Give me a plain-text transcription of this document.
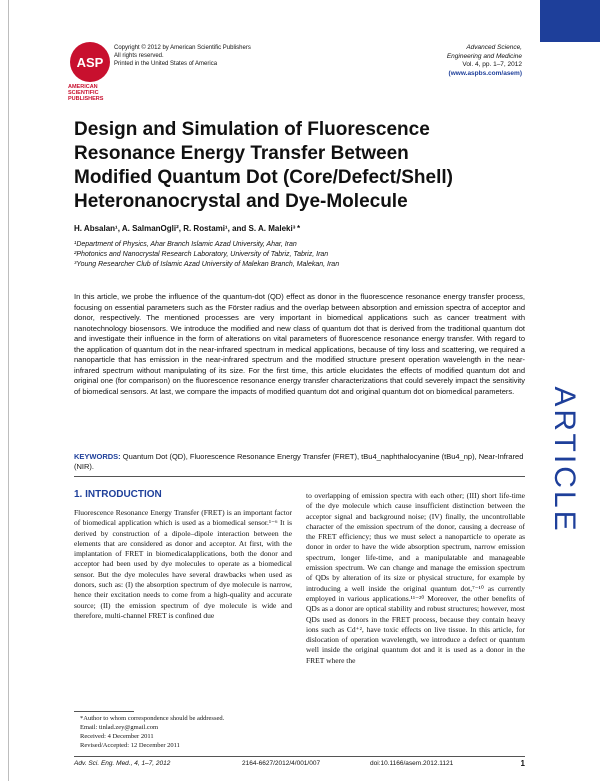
ASP
AMERICAN SCIENTIFIC PUBLISHERS
Copyright © 2012 by American Scientific Publishers
All rights reserved.
Printed in the United States of America
Advanced Science,
Engineering and Medicine
Vol. 4, pp. 1–7, 2012
(www.aspbs.com/asem)
ARTICLE
Design and Simulation of Fluorescence Resonance Energy Transfer Between Modified Quantum Dot (Core/Defect/Shell) Heteronanocrystal and Dye-Molecule
H. Absalan¹, A. SalmanOgli², R. Rostami¹, and S. A. Maleki³ *
¹Department of Physics, Ahar Branch Islamic Azad University, Ahar, Iran
²Photonics and Nanocrystal Research Laboratory, University of Tabriz, Tabriz, Iran
³Young Researcher Club of Islamic Azad University of Malekan Branch, Malekan, Iran
In this article, we probe the influence of the quantum-dot (QD) effect as donor in the fluorescence resonance energy transfer process, focusing on essential parameters such as the Förster radius and the overlap between absorption and emission spectra of acceptor and donor, respectively. The mentioned processes are very important in biomedical applications such as cancer treatment with nanotechnology biosensors. We introduce the modified and new class of quantum dot that is derived from the traditional quantum dot and investigate their influence in the form of alterations on vital parameters of fluorescence resonance energy transfer. With regard to the application of quantum dot in the near-infrared spectrum in medical applications, because of tiny loss and scattering, we required a nanoparticle that has emission in the near-infrared spectrum and the modified structure present operation wavelength in the near-infrared spectrum without manipulating of its size. For the first time, this article elucidates the effects of modified quantum dot and original one (for comparison) on the fluorescence resonance energy transfer characterizations that could severely impact the sensitivity of biomedical sensors. At last, we compare the impacts of modified quantum dot and original quantum dot on biomedical parameters.
KEYWORDS: Quantum Dot (QD), Fluorescence Resonance Energy Transfer (FRET), tBu4_naphthalocyanine (tBu4_np), Near-Infrared (NIR).
1. INTRODUCTION

Fluorescence Resonance Energy Transfer (FRET) is an important factor of biomedical application which is used as a biomedical sensor.¹⁻⁶ It is derived by construction of a dipole–dipole interaction between the elements that are considered as donor and acceptor. At first, with the implantation of FRET in biomedicalapplications, both the donor and acceptor had been used by dye molecules to operate as a biomedical sensor. But the dye molecules have several drawbacks when used as donors, such as: (I) the absorption spectrum of dye molecule is narrow, hence their excitation needs to come from a high-quality and accurate source; (II) the emission spectrum of dye molecule is wide and therefore, multi-channel FRET is confined due

to overlapping of emission spectra with each other; (III) short life-time of the dye molecule which cause insufficient distinction between the acceptor signal and background noise; (IV) finally, the uncontrollable character of the emission spectrum of the donor, causing a decrease of the FRET efficiency; thus we must select a nanoparticle to operate as donor in order to have the wide absorption spectrum, narrow emission spectrum, longer life-time, and a manipulatable and manageable emission spectrum. We can change and manage the emission spectrum of QDs by alteration of its size or physical structure, for example by introducing a well inside the original quantum dot,⁷⁻¹⁰ as currently employed in various applications.¹¹⁻²⁰ Moreover, the other benefits of QDs as a donor are optical stability and robust structures; however, most QDs used as donors in the FRET process, because they contain heavy ions such as Cd⁺², have toxic effects on live tissue. In this article, for dislocation of operation wavelength, we introduce a defect or quantum well inside the original quantum dot and it is used as a donor in the FRET where the

*Author to whom correspondence should be addressed.
Email: tinlad.zey@gmail.com
Received: 4 December 2011
Revised/Accepted: 12 December 2011
Adv. Sci. Eng. Med., 4, 1–7, 2012	2164-6627/2012/4/001/007	doi:10.1166/asem.2012.1121	1
